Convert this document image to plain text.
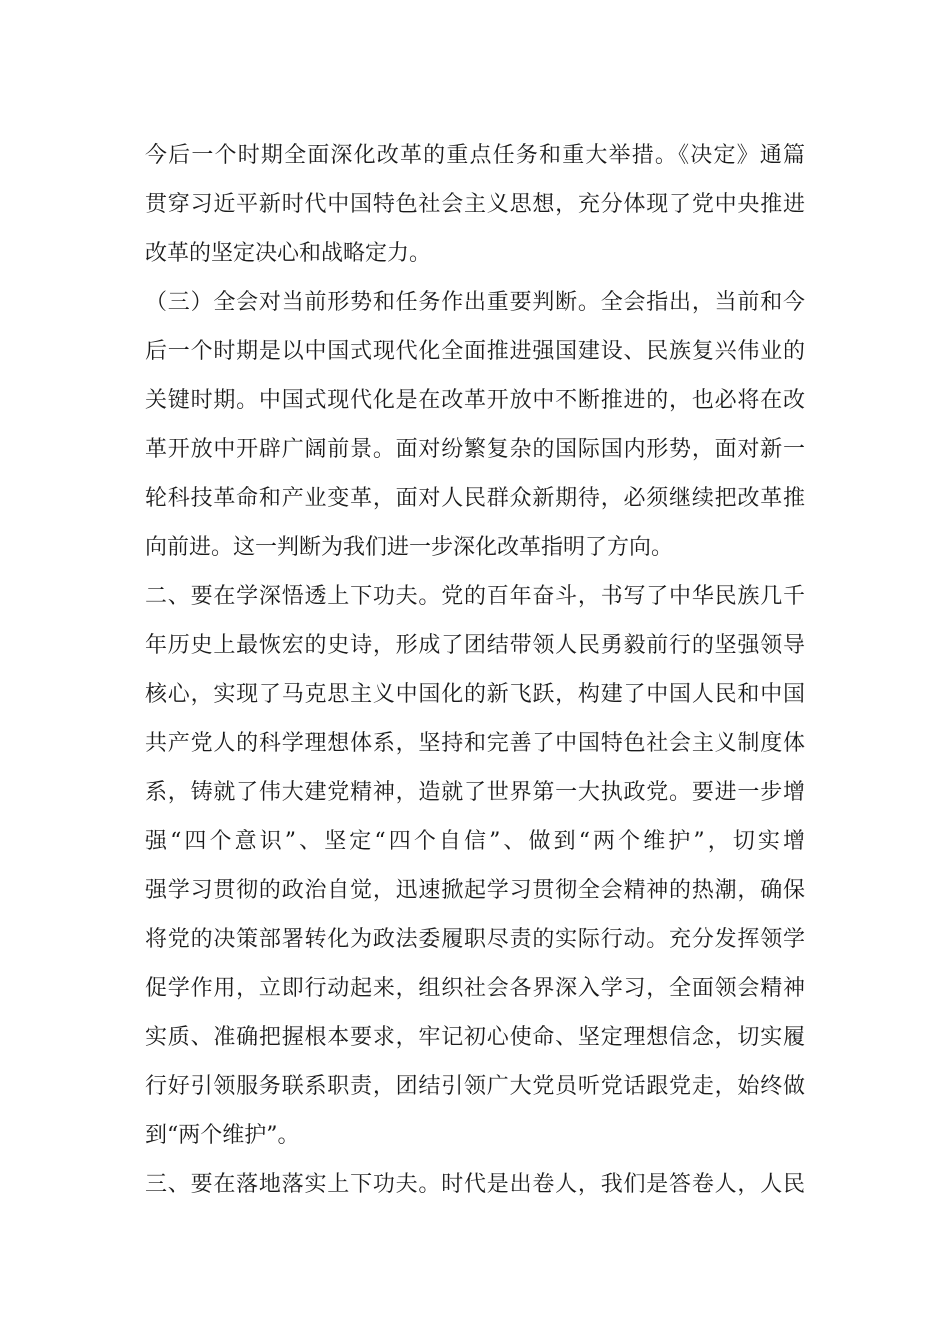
今后一个时期全面深化改革的重点任务和重大举措。《决定》通篇
贯穿习近平新时代中国特色社会主义思想，充分体现了党中央推进
改革的坚定决心和战略定力。
（三）全会对当前形势和任务作出重要判断。全会指出，当前和今
后一个时期是以中国式现代化全面推进强国建设、民族复兴伟业的
关键时期。中国式现代化是在改革开放中不断推进的，也必将在改
革开放中开辟广阔前景。面对纷繁复杂的国际国内形势，面对新一
轮科技革命和产业变革，面对人民群众新期待，必须继续把改革推
向前进。这一判断为我们进一步深化改革指明了方向。
二、要在学深悟透上下功夫。党的百年奋斗，书写了中华民族几千
年历史上最恢宏的史诗，形成了团结带领人民勇毅前行的坚强领导
核心，实现了马克思主义中国化的新飞跃，构建了中国人民和中国
共产党人的科学理想体系，坚持和完善了中国特色社会主义制度体
系，铸就了伟大建党精神，造就了世界第一大执政党。要进一步增
强“四个意识”、坚定“四个自信”、做到“两个维护”，切实增
强学习贯彻的政治自觉，迅速掀起学习贯彻全会精神的热潮，确保
将党的决策部署转化为政法委履职尽责的实际行动。充分发挥领学
促学作用，立即行动起来，组织社会各界深入学习，全面领会精神
实质、准确把握根本要求，牢记初心使命、坚定理想信念，切实履
行好引领服务联系职责，团结引领广大党员听党话跟党走，始终做
到“两个维护”。
三、要在落地落实上下功夫。时代是出卷人，我们是答卷人，人民
